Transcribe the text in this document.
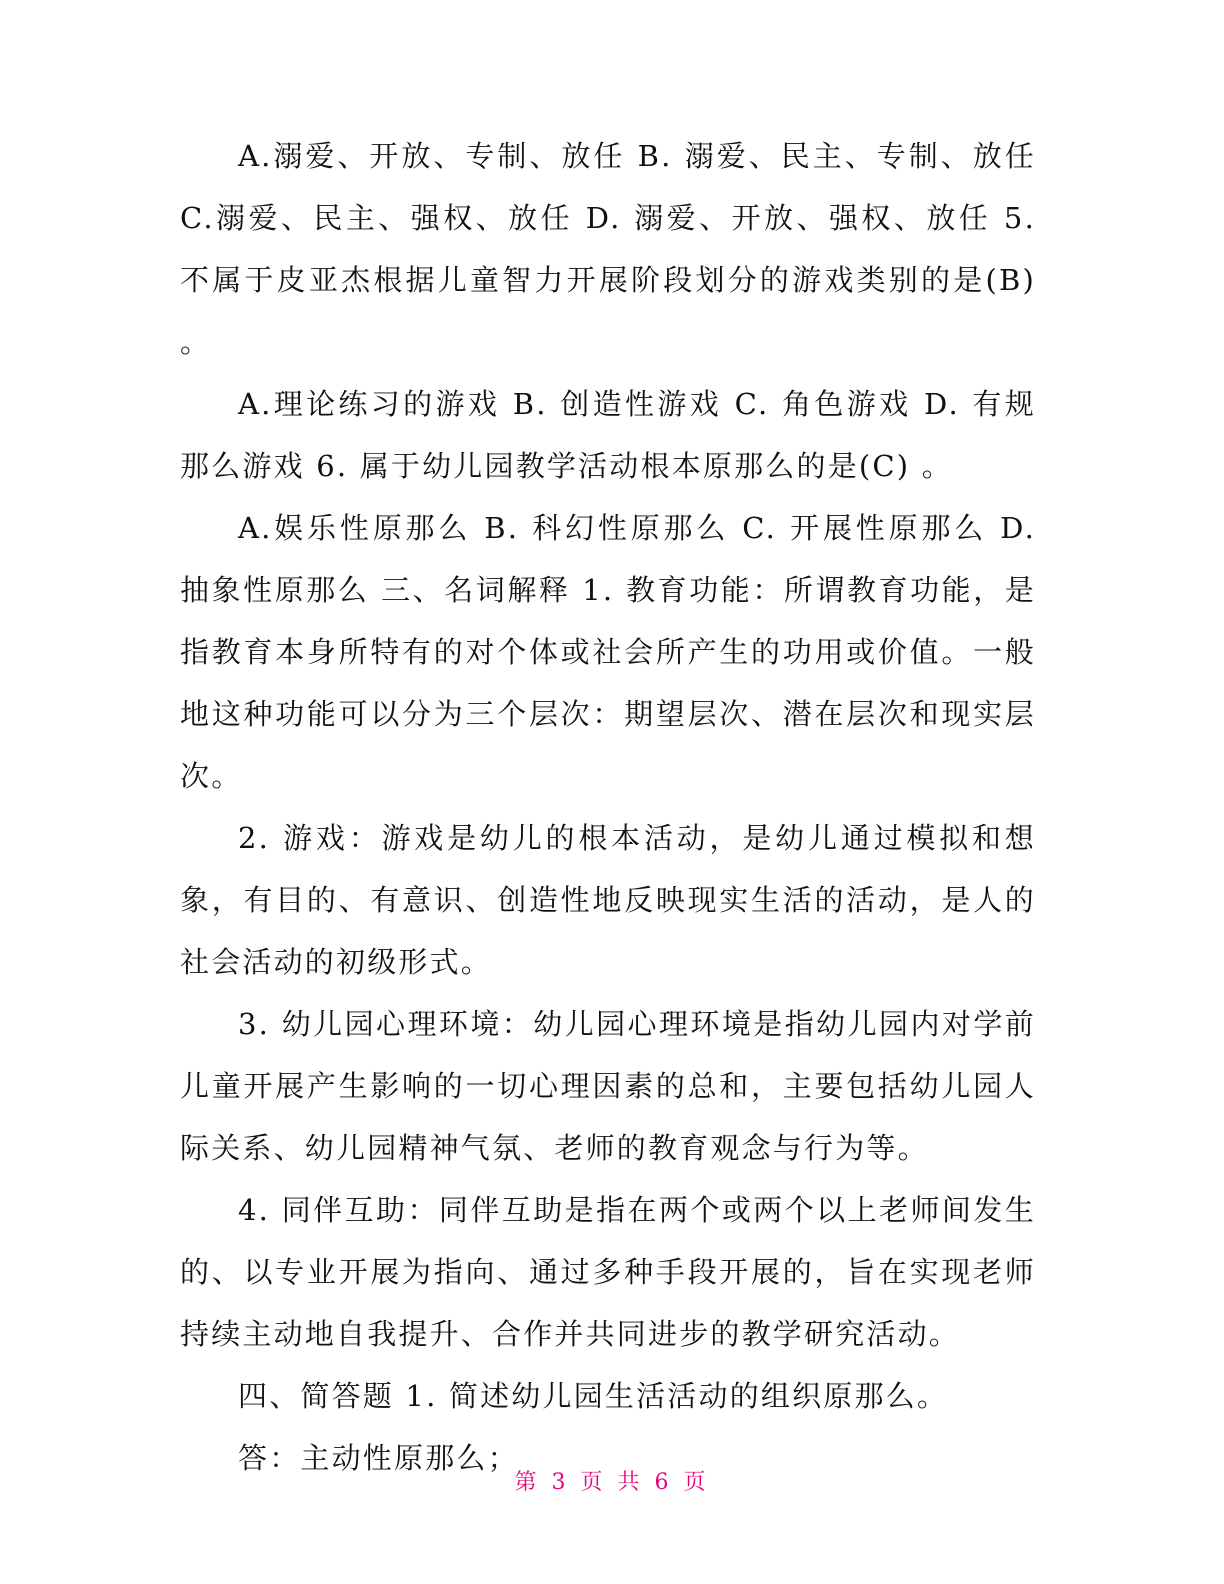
A.溺爱、开放、专制、放任 B. 溺爱、民主、专制、放任 C.溺爱、民主、强权、放任 D. 溺爱、开放、强权、放任 5. 不属于皮亚杰根据儿童智力开展阶段划分的游戏类别的是(B) 。

A.理论练习的游戏 B. 创造性游戏 C. 角色游戏 D. 有规那么游戏 6. 属于幼儿园教学活动根本原那么的是(C) 。

A.娱乐性原那么 B. 科幻性原那么 C. 开展性原那么 D. 抽象性原那么 三、名词解释 1. 教育功能：所谓教育功能，是指教育本身所特有的对个体或社会所产生的功用或价值。一般地这种功能可以分为三个层次：期望层次、潜在层次和现实层次。

2. 游戏：游戏是幼儿的根本活动，是幼儿通过模拟和想象，有目的、有意识、创造性地反映现实生活的活动，是人的社会活动的初级形式。

3. 幼儿园心理环境：幼儿园心理环境是指幼儿园内对学前儿童开展产生影响的一切心理因素的总和，主要包括幼儿园人际关系、幼儿园精神气氛、老师的教育观念与行为等。

4. 同伴互助：同伴互助是指在两个或两个以上老师间发生的、以专业开展为指向、通过多种手段开展的，旨在实现老师持续主动地自我提升、合作并共同进步的教学研究活动。

四、简答题 1. 简述幼儿园生活活动的组织原那么。

答：主动性原那么；

第 3 页 共 6 页
